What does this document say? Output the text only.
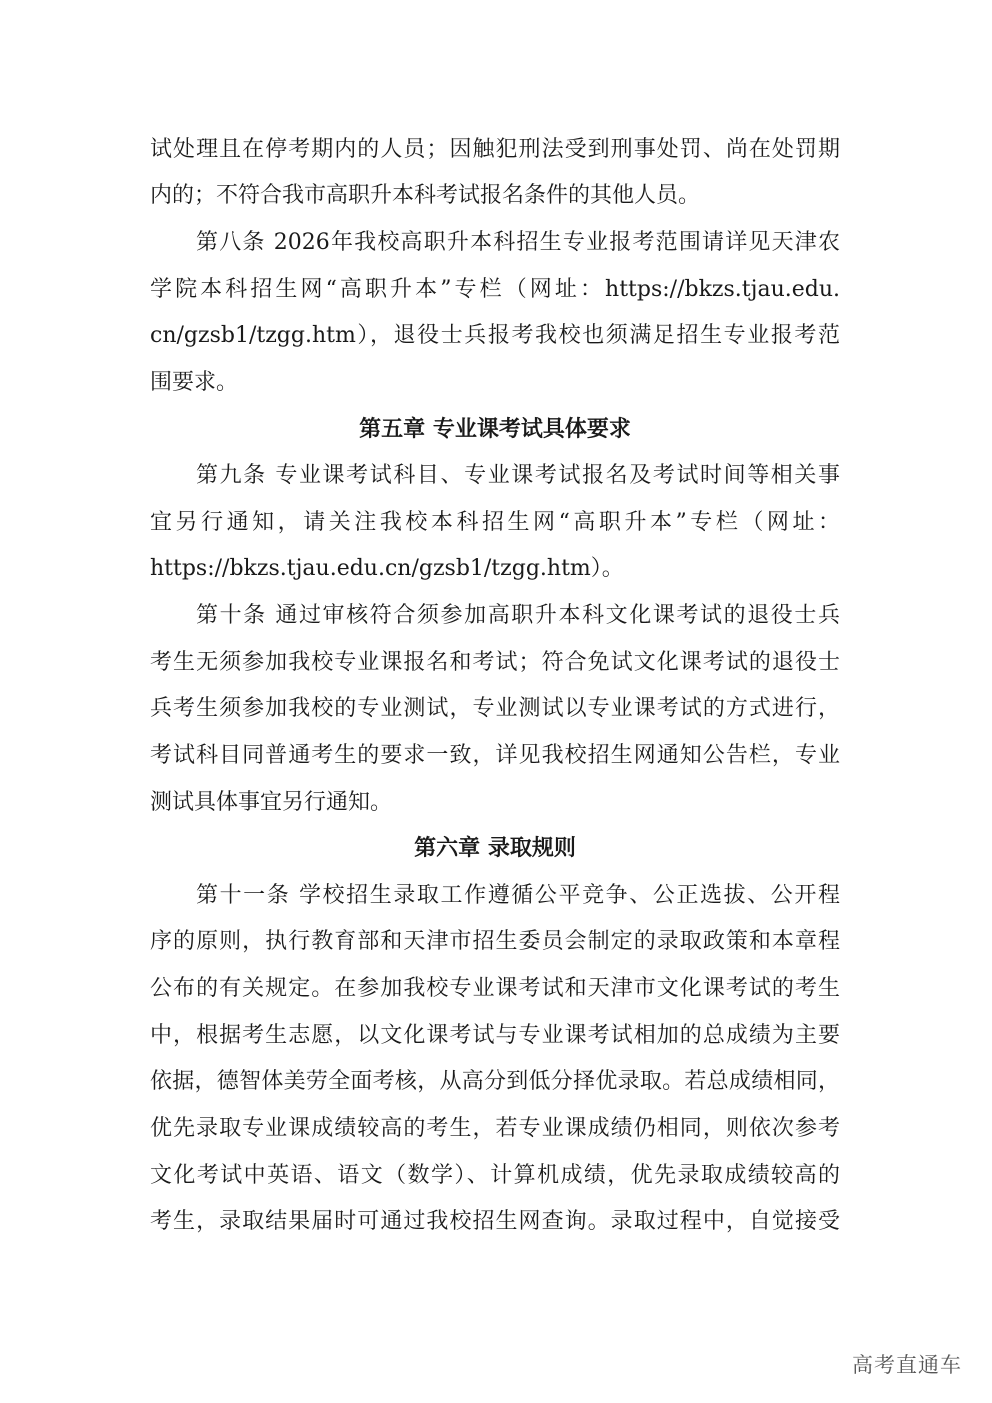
试处理且在停考期内的人员；因触犯刑法受到刑事处罚、尚在处罚期
内的；不符合我市高职升本科考试报名条件的其他人员。
第八条 2026年我校高职升本科招生专业报考范围请详见天津农
学院本科招生网“高职升本”专栏（网址：https://bkzs.tjau.edu.
cn/gzsb1/tzgg.htm），退役士兵报考我校也须满足招生专业报考范
围要求。
第五章 专业课考试具体要求
第九条 专业课考试科目、专业课考试报名及考试时间等相关事
宜另行通知，请关注我校本科招生网“高职升本”专栏（网址：
https://bkzs.tjau.edu.cn/gzsb1/tzgg.htm）。
第十条 通过审核符合须参加高职升本科文化课考试的退役士兵
考生无须参加我校专业课报名和考试；符合免试文化课考试的退役士
兵考生须参加我校的专业测试，专业测试以专业课考试的方式进行，
考试科目同普通考生的要求一致，详见我校招生网通知公告栏，专业
测试具体事宜另行通知。
第六章 录取规则
第十一条 学校招生录取工作遵循公平竞争、公正选拔、公开程
序的原则，执行教育部和天津市招生委员会制定的录取政策和本章程
公布的有关规定。在参加我校专业课考试和天津市文化课考试的考生
中，根据考生志愿，以文化课考试与专业课考试相加的总成绩为主要
依据，德智体美劳全面考核，从高分到低分择优录取。若总成绩相同，
优先录取专业课成绩较高的考生，若专业课成绩仍相同，则依次参考
文化考试中英语、语文（数学）、计算机成绩，优先录取成绩较高的
考生，录取结果届时可通过我校招生网查询。录取过程中，自觉接受
高考直通车
